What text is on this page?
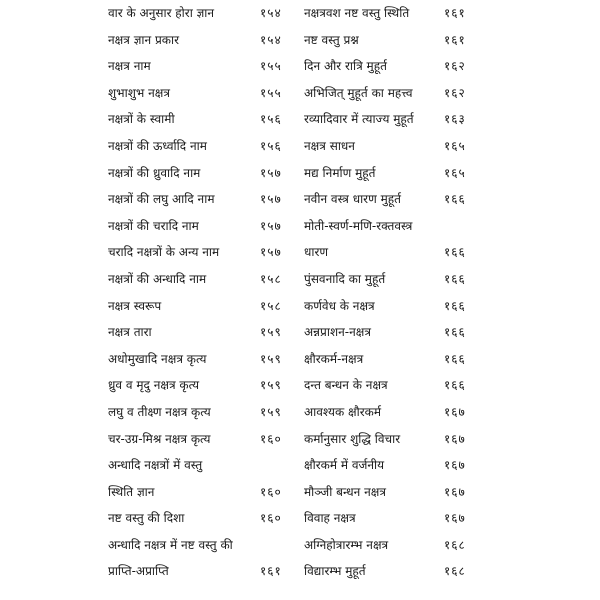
वार के अनुसार होरा ज्ञान	१५४
नक्षत्र ज्ञान प्रकार	१५४
नक्षत्र नाम	१५५
शुभाशुभ नक्षत्र	१५५
नक्षत्रों के स्वामी	१५६
नक्षत्रों की ऊर्ध्वादि नाम	१५६
नक्षत्रों की ध्रुवादि नाम	१५७
नक्षत्रों की लघु आदि नाम	१५७
नक्षत्रों की चरादि नाम	१५७
चरादि नक्षत्रों के अन्य नाम	१५७
नक्षत्रों की अन्धादि नाम	१५८
नक्षत्र स्वरूप	१५८
नक्षत्र तारा	१५९
अधोमुखादि नक्षत्र कृत्य	१५९
ध्रुव व मृदु नक्षत्र कृत्य	१५९
लघु व तीक्ष्ण नक्षत्र कृत्य	१५९
चर-उग्र-मिश्र नक्षत्र कृत्य	१६०
अन्धादि नक्षत्रों में वस्तु
स्थिति ज्ञान	१६०
नष्ट वस्तु की दिशा	१६०
अन्धादि नक्षत्र में नष्ट वस्तु की
प्राप्ति-अप्राप्ति	१६१
नक्षत्रवश नष्ट वस्तु स्थिति	१६१
नष्ट वस्तु प्रश्न	१६१
दिन और रात्रि मुहूर्त	१६२
अभिजित् मुहूर्त का महत्त्व	१६२
रव्यादिवार में त्याज्य मुहूर्त	१६३
नक्षत्र साधन	१६५
मद्य निर्माण मुहूर्त	१६५
नवीन वस्त्र धारण मुहूर्त	१६६
मोती-स्वर्ण-मणि-रक्तवस्त्र
धारण	१६६
पुंसवनादि का मुहूर्त	१६६
कर्णवेध के नक्षत्र	१६६
अन्नप्राशन-नक्षत्र	१६६
क्षौरकर्म-नक्षत्र	१६६
दन्त बन्धन के नक्षत्र	१६६
आवश्यक क्षौरकर्म	१६७
कर्मानुसार शुद्धि विचार	१६७
क्षौरकर्म में वर्जनीय	१६७
मौञ्जी बन्धन नक्षत्र	१६७
विवाह नक्षत्र	१६७
अग्निहोत्रारम्भ नक्षत्र	१६८
विद्यारम्भ मुहूर्त	१६८
